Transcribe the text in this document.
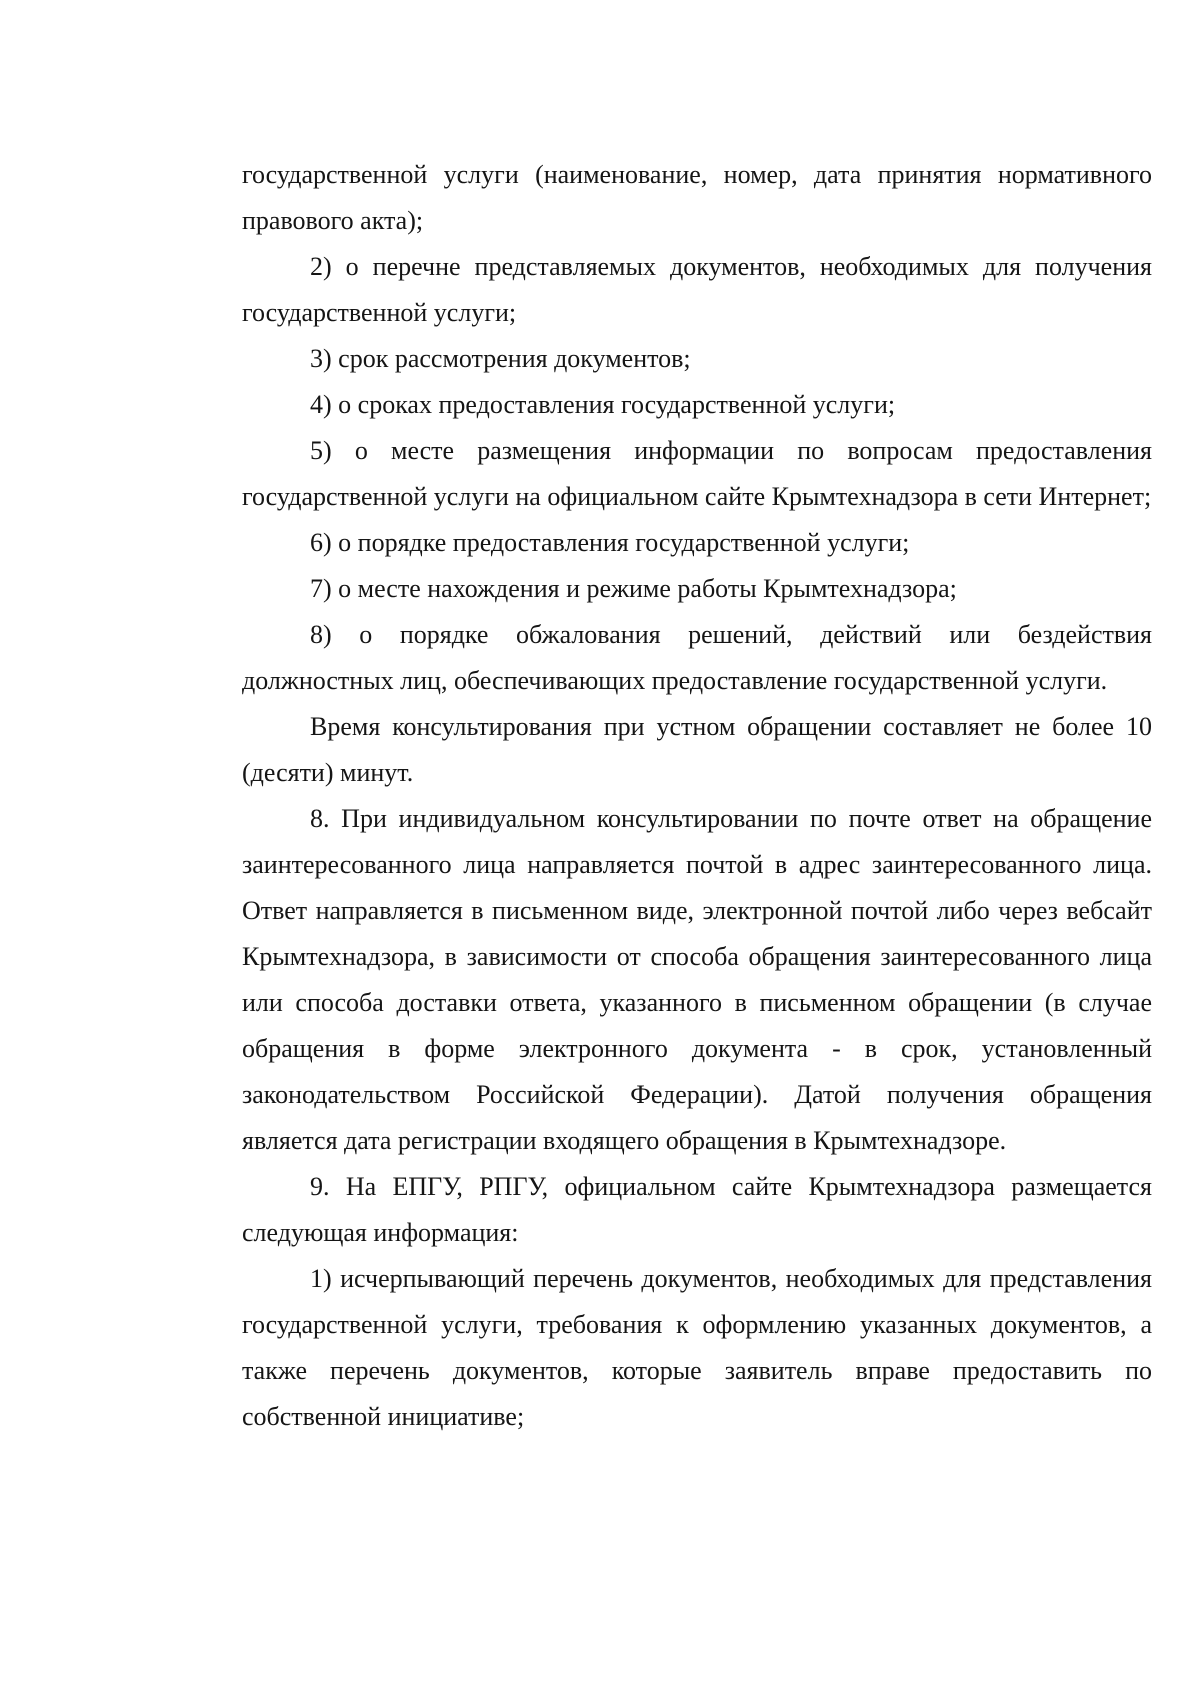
государственной услуги (наименование, номер, дата принятия нормативного правового акта);

2) о перечне представляемых документов, необходимых для получения государственной услуги;

3) срок рассмотрения документов;

4) о сроках предоставления государственной услуги;

5) о месте размещения информации по вопросам предоставления государственной услуги на официальном сайте Крымтехнадзора в сети Интернет;

6) о порядке предоставления государственной услуги;

7) о месте нахождения и режиме работы Крымтехнадзора;

8) о порядке обжалования решений, действий или бездействия должностных лиц, обеспечивающих предоставление государственной услуги.

Время консультирования при устном обращении составляет не более 10 (десяти) минут.

8. При индивидуальном консультировании по почте ответ на обращение заинтересованного лица направляется почтой в адрес заинтересованного лица. Ответ направляется в письменном виде, электронной почтой либо через вебсайт Крымтехнадзора, в зависимости от способа обращения заинтересованного лица или способа доставки ответа, указанного в письменном обращении (в случае обращения в форме электронного документа - в срок, установленный законодательством Российской Федерации). Датой получения обращения является дата регистрации входящего обращения в Крымтехнадзоре.

9. На ЕПГУ, РПГУ, официальном сайте Крымтехнадзора размещается следующая информация:

1) исчерпывающий перечень документов, необходимых для представления государственной услуги, требования к оформлению указанных документов, а также перечень документов, которые заявитель вправе предоставить по собственной инициативе;
